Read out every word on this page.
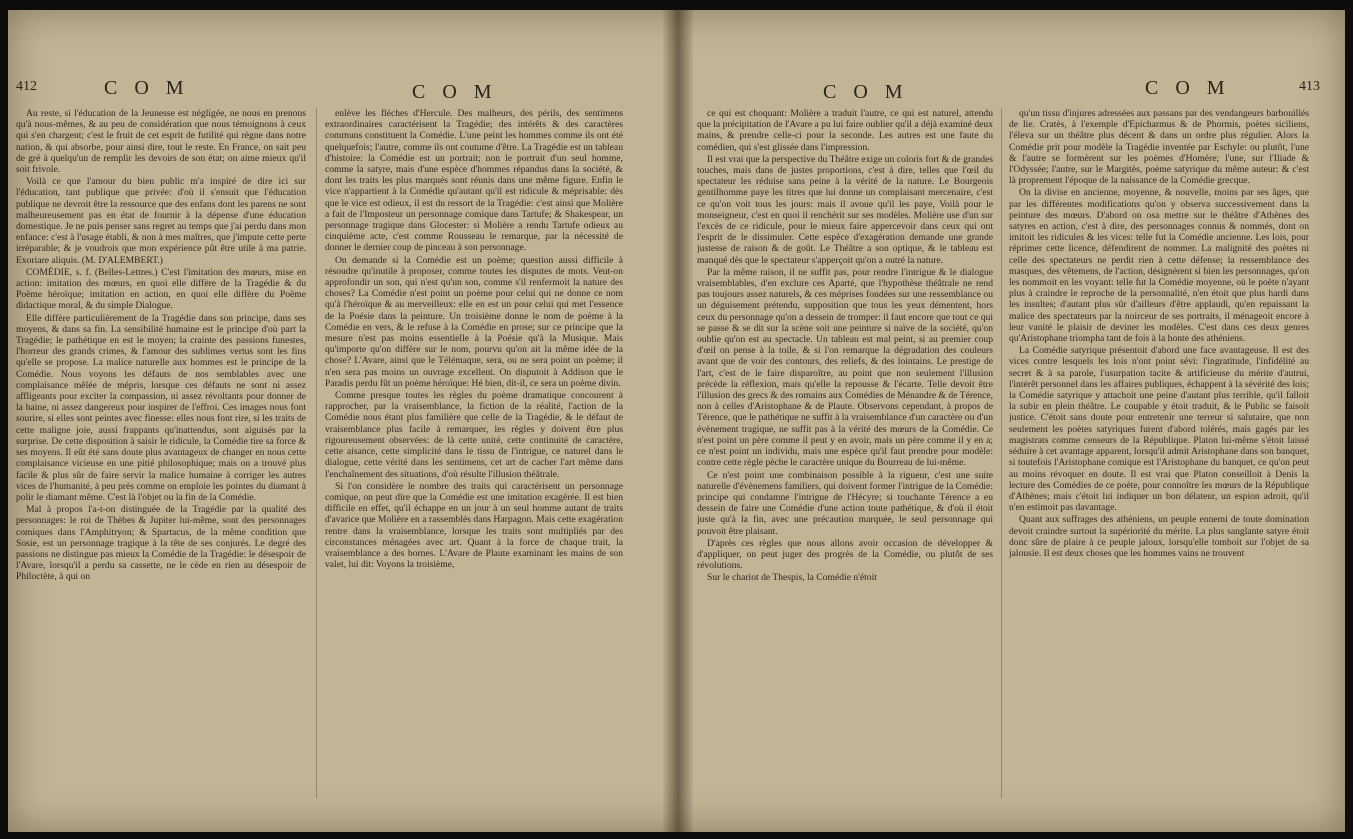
412	C O M	C O M

Au reste, si l'éducation de la Jeunesse est négligée, ne nous en prenons qu'à nous-mêmes, & au peu de considération que nous témoignons à ceux qui s'en chargent; c'est le fruit de cet esprit de futilité qui règne dans notre nation, & qui absorbe, pour ainsi dire, tout le reste. En France, on sait peu de gré à quelqu'un de remplir les devoirs de son état; on aime mieux qu'il soit frivole.

Voilà ce que l'amour du bien public m'a inspiré de dire ici sur l'éducation, tant publique que privée: d'où il s'ensuit que l'éducation publique ne devroit être la ressource que des enfans dont les parens ne sont malheureusement pas en état de fournir à la dépense d'une éducation domestique. Je ne puis penser sans regret au temps que j'ai perdu dans mon enfance: c'est à l'usage établi, & non à mes maîtres, que j'impute cette perte irréparable; & je voudrois que mon expérience pût être utile à ma patrie. Exoriare aliquis. (M. D'ALEMBERT.)

COMÉDIE, s. f. (Belles-Lettres.) C'est l'imitation des mœurs, mise en action: imitation des mœurs, en quoi elle diffère de la Tragédie & du Poëme héroïque; imitation en action, en quoi elle diffère du Poëme didactique moral, & du simple Dialogue.

Elle diffère particulièrement de la Tragédie dans son principe, dans ses moyens, & dans sa fin. La sensibilité humaine est le principe d'où part la Tragédie; le pathétique en est le moyen; la crainte des passions funestes, l'horreur des grands crimes, & l'amour des sublimes vertus sont les fins qu'elle se propose. La malice naturelle aux hommes est le principe de la Comédie. Nous voyons les défauts de nos semblables avec une complaisance mêlée de mépris, lorsque ces défauts ne sont ni assez affligeants pour exciter la compassion, ni assez révoltants pour donner de la haine, ni assez dangereux pour inspirer de l'effroi. Ces images nous font sourire, si elles sont peintes avec finesse: elles nous font rire, si les traits de cette maligne joie, aussi frappants qu'inattendus, sont aiguisés par la surprise. De cette disposition à saisir le ridicule, la Comédie tire sa force & ses moyens. Il eût été sans doute plus avantageux de changer en nous cette complaisance vicieuse en une pitié philosophique; mais on a trouvé plus facile & plus sûr de faire servir la malice humaine à corriger les autres vices de l'humanité, à peu près comme on emploie les pointes du diamant à polir le diamant même. C'est là l'objet ou la fin de la Comédie.

Mal à propos l'a-t-on distinguée de la Tragédie par la qualité des personnages: le roi de Thèbes & Jupiter lui-même, sont des personnages comiques dans l'Amphitryon; & Spartacus, de la même condition que Sosie, est un personnage tragique à la tête de ses conjurés. Le degré des passions ne distingue pas mieux la Comédie de la Tragédie: le désespoir de l'Avare, lorsqu'il a perdu sa cassette, ne le cède en rien au désespoir de Philoctète, à qui on

enlève les flèches d'Hercule. Des malheurs, des périls, des sentimens extraordinaires caractérisent la Tragédie; des intérêts & des caractères communs constituent la Comédie. L'une peint les hommes comme ils ont été quelquefois; l'autre, comme ils ont coutume d'être. La Tragédie est un tableau d'histoire: la Comédie est un portrait; non le portrait d'un seul homme, comme la satyre, mais d'une espèce d'hommes répandus dans la société, & dont les traits les plus marqués sont réunis dans une même figure. Enfin le vice n'appartient à la Comédie qu'autant qu'il est ridicule & méprisable: dès que le vice est odieux, il est du ressort de la Tragédie: c'est ainsi que Molière a fait de l'Imposteur un personnage comique dans Tartufe; & Shakespear, un personnage tragique dans Glocester: si Molière a rendu Tartufe odieux au cinquième acte, c'est comme Rousseau le remarque, par la nécessité de donner le dernier coup de pinceau à son personnage.

On demande si la Comédie est un poème; question aussi difficile à résoudre qu'inutile à proposer, comme toutes les disputes de mots. Veut-on approfondir un son, qui n'est qu'un son, comme s'il renfermoit la nature des choses? La Comédie n'est point un poème pour celui qui ne donne ce nom qu'à l'héroïque & au merveilleux: elle en est un pour celui qui met l'essence de la Poésie dans la peinture. Un troisième donne le nom de poème à la Comédie en vers, & le refuse à la Comédie en prose; sur ce principe que la mesure n'est pas moins essentielle à la Poésie qu'à la Musique. Mais qu'importe qu'on diffère sur le nom, pourvu qu'on ait la même idée de la chose? L'Avare, ainsi que le Télémaque, sera, ou ne sera point un poème; il n'en sera pas moins un ouvrage excellent. On disputoit à Addison que le Paradis perdu fût un poème héroïque: Hé bien, dit-il, ce sera un poème divin.

Comme presque toutes les règles du poème dramatique concourent à rapprocher, par la vraisemblance, la fiction de la réalité, l'action de la Comédie nous étant plus familière que celle de la Tragédie, & le défaut de vraisemblance plus facile à remarquer, les règles y doivent être plus rigoureusement observées: de là cette unité, cette continuité de caractère, cette aisance, cette simplicité dans le tissu de l'intrigue, ce naturel dans le dialogue, cette vérité dans les sentimens, cet art de cacher l'art même dans l'enchaînement des situations, d'où résulte l'illusion théâtrale.

Si l'on considère le nombre des traits qui caractérisent un personnage comique, on peut dire que la Comédie est une imitation exagérée. Il est bien difficile en effet, qu'il échappe en un jour à un seul homme autant de traits d'avarice que Molière en a rassemblés dans Harpagon. Mais cette exagération rentre dans la vraisemblance, lorsque les traits sont multipliés par des circonstances ménagées avec art. Quant à la force de chaque trait, la vraisemblance a des bornes. L'Avare de Plaute examinant les mains de son valet, lui dit: Voyons la troisième,

C O M	C O M	413

ce qui est choquant: Molière a traduit l'autre, ce qui est naturel, attendu que la précipitation de l'Avare a pu lui faire oublier qu'il a déjà examiné deux mains, & prendre celle-ci pour la seconde. Les autres est une faute du comédien, qui s'est glissée dans l'impression.

Il est vrai que la perspective du Théâtre exige un coloris fort & de grandes touches, mais dans de justes proportions, c'est à dire, telles que l'œil du spectateur les réduise sans peine à la vérité de la nature. Le Bourgeois gentilhomme paye les titres que lui donne un complaisant mercenaire, c'est ce qu'on voit tous les jours: mais il avoue qu'il les paye, Voilà pour le monseigneur, c'est en quoi il renchérit sur ses modèles. Molière use d'un sur l'excès de ce ridicule, pour le mieux faire appercevoir dans ceux qui ont l'esprit de le dissimuler. Cette espèce d'exagération demande une grande justesse de raison & de goût. Le Théâtre a son optique, & le tableau est manqué dès que le spectateur s'apperçoit qu'on a outré la nature.

Par la même raison, il ne suffit pas, pour rendre l'intrigue & le dialogue vraisemblables, d'en exclure ces Aparté, que l'hypothèse théâtrale ne rend pas toujours assez naturels, & ces méprises fondées sur une ressemblance ou un déguisement prétendu, supposition que tous les yeux démentent, hors ceux du personnage qu'on a dessein de tromper: il faut encore que tout ce qui se passe & se dit sur la scène soit une peinture si naïve de la société, qu'on oublie qu'on est au spectacle. Un tableau est mal peint, si au premier coup d'œil on pense à la toile, & si l'on remarque la dégradation des couleurs avant que de voir des contours, des reliefs, & des lointains. Le prestige de l'art, c'est de le faire disparoître, au point que non seulement l'illusion précède la réflexion, mais qu'elle la repousse & l'écarte. Telle devoit être l'illusion des grecs & des romains aux Comédies de Ménandre & de Térence, non à celles d'Aristophane & de Plaute. Observons cependant, à propos de Térence, que le pathétique ne suffit à la vraisemblance d'un caractère ou d'un évènement tragique, ne suffit pas à la vérité des mœurs de la Comédie. Ce n'est point un père comme il peut y en avoir, mais un père comme il y en a; ce n'est point un individu, mais une espèce qu'il faut prendre pour modèle: contre cette règle pèche le caractère unique du Bourreau de lui-même.

Ce n'est point une combinaison possible à la rigueur, c'est une suite naturelle d'évènemens familiers, qui doivent former l'intrigue de la Comédie: principe qui condamne l'intrigue de l'Hécyre; si touchante Térence a eu dessein de faire une Comédie d'une action toute pathétique, & d'où il étoit juste qu'à la fin, avec une précaution marquée, le seul personnage qui pouvoit être plaisant.

D'après ces règles que nous allons avoir occasion de développer & d'appliquer, on peut juger des progrès de la Comédie, ou plutôt de ses révolutions.

Sur le chariot de Thespis, la Comédie n'étoit

qu'un tissu d'injures adressées aux passans par des vendangeurs barbouillés de lie. Cratès, à l'exemple d'Epicharmus & de Phormis, poètes siciliens, l'éleva sur un théâtre plus décent & dans un ordre plus régulier. Alors la Comédie prit pour modèle la Tragédie inventée par Eschyle: ou plutôt, l'une & l'autre se formèrent sur les poèmes d'Homère; l'une, sur l'Iliade & l'Odyssée; l'autre, sur le Margitès, poème satyrique du même auteur: & c'est là proprement l'époque de la naissance de la Comédie grecque.

On la divise en ancienne, moyenne, & nouvelle, moins par ses âges, que par les différentes modifications qu'on y observa successivement dans la peinture des mœurs. D'abord on osa mettre sur le théâtre d'Athènes des satyres en action, c'est à dire, des personnages connus & nommés, dont on imitoit les ridicules & les vices: telle fut la Comédie ancienne. Les lois, pour réprimer cette licence, défendirent de nommer. La malignité des poètes ni celle des spectateurs ne perdit rien à cette défense; la ressemblance des masques, des vêtemens, de l'action, désignèrent si bien les personnages, qu'on les nommoit en les voyant: telle fut la Comédie moyenne, où le poète n'ayant plus à craindre le reproche de la personnalité, n'en étoit que plus hardi dans les insultes; d'autant plus sûr d'ailleurs d'être applaudi, qu'en repaissant la malice des spectateurs par la noirceur de ses portraits, il ménageoit encore à leur vanité le plaisir de deviner les modèles. C'est dans ces deux genres qu'Aristophane triompha tant de fois à la honte des athéniens.

La Comédie satyrique présentoit d'abord une face avantageuse. Il est des vices contre lesquels les lois n'ont point sévi: l'ingratitude, l'infidélité au secret & à sa parole, l'usurpation tacite & artificieuse du mérite d'autrui, l'intérêt personnel dans les affaires publiques, échappent à la sévérité des lois; la Comédie satyrique y attachoit une peine d'autant plus terrible, qu'il falloit la subir en plein théâtre. Le coupable y étoit traduit, & le Public se faisoit justice. C'étoit sans doute pour entretenir une terreur si salutaire, que non seulement les poètes satyriques furent d'abord tolérés, mais gagés par les magistrats comme censeurs de la République. Platon lui-même s'étoit laissé séduire à cet avantage apparent, lorsqu'il admit Aristophane dans son banquet, si toutefois l'Aristophane comique est l'Aristophane du banquet, ce qu'on peut au moins révoquer en doute. Il est vrai que Platon conseilloit à Denis la lecture des Comédies de ce poète, pour connoître les mœurs de la République d'Athènes; mais c'étoit lui indiquer un bon délateur, un espion adroit, qu'il n'en estimoit pas davantage.

Quant aux suffrages des athéniens, un peuple ennemi de toute domination devoit craindre surtout la supériorité du mérite. La plus sanglante satyre étoit donc sûre de plaire à ce peuple jaloux, lorsqu'elle tomboit sur l'objet de sa jalousie. Il est deux choses que les hommes vains ne trouvent
